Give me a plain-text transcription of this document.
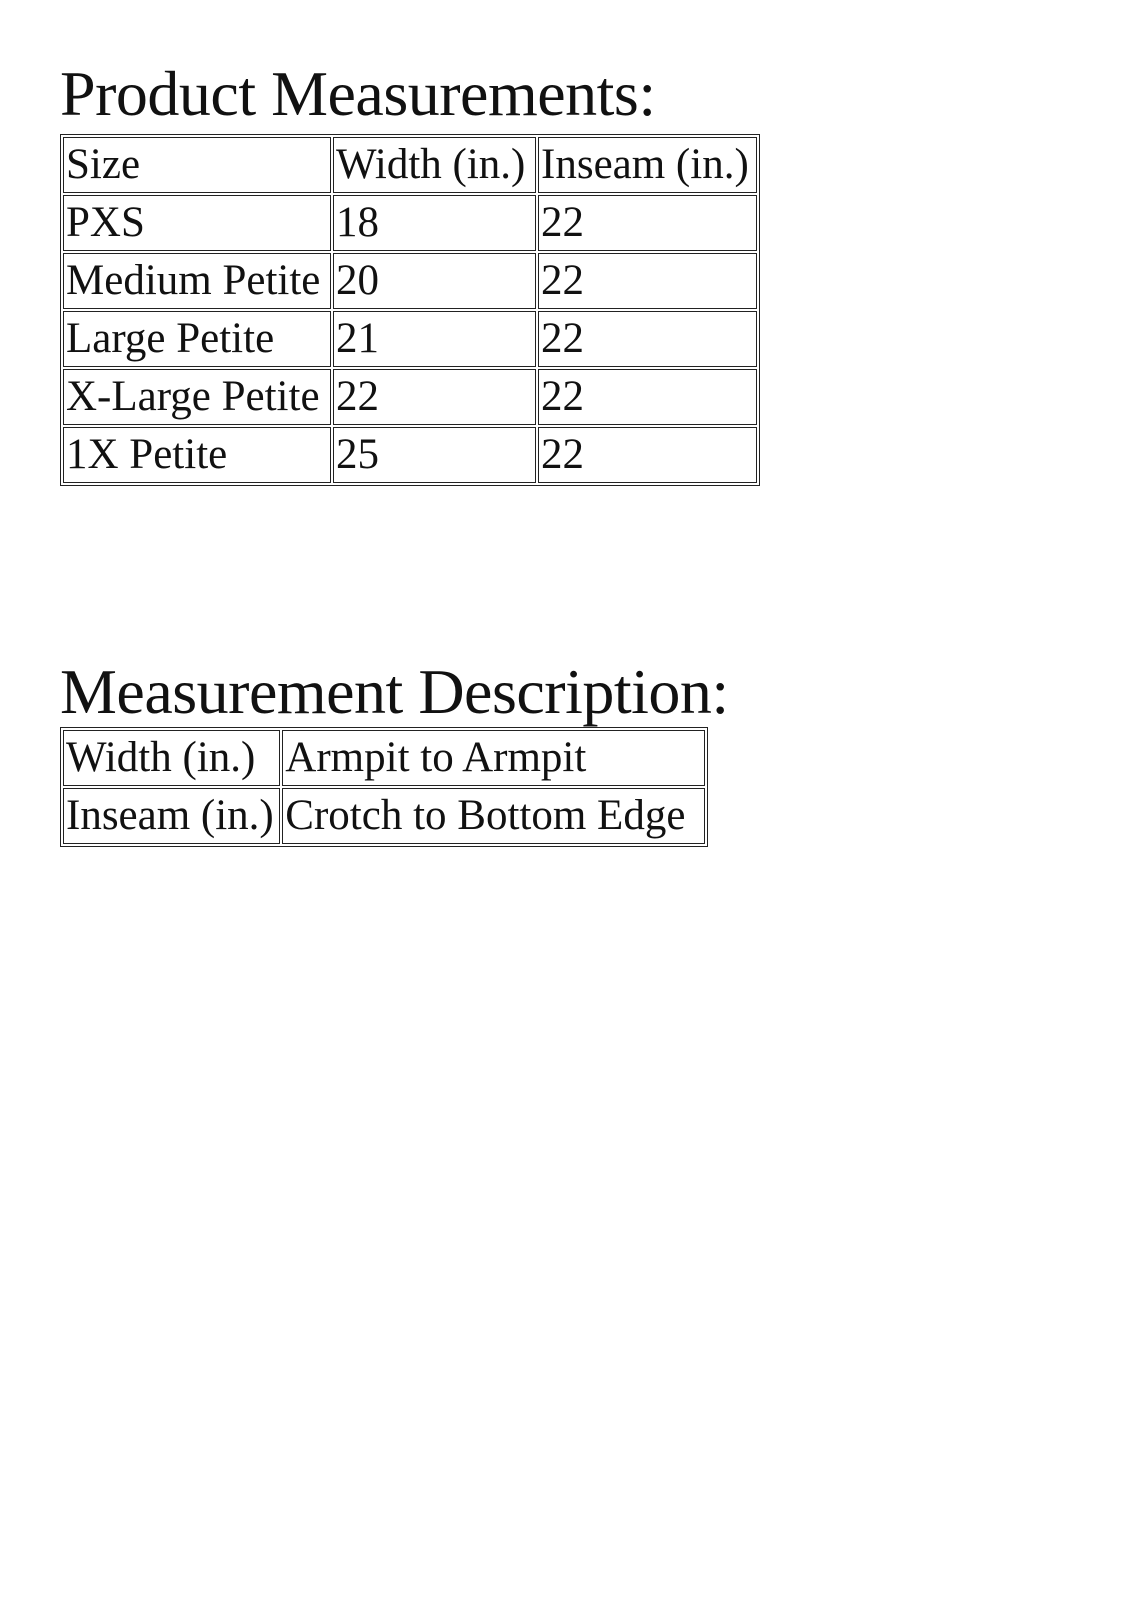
Product Measurements:
Size	Width (in.)	Inseam (in.)
PXS	18	22
Medium Petite	20	22
Large Petite	21	22
X-Large Petite	22	22
1X Petite	25	22
Measurement Description:
Width (in.)	Armpit to Armpit
Inseam (in.)	Crotch to Bottom Edge
